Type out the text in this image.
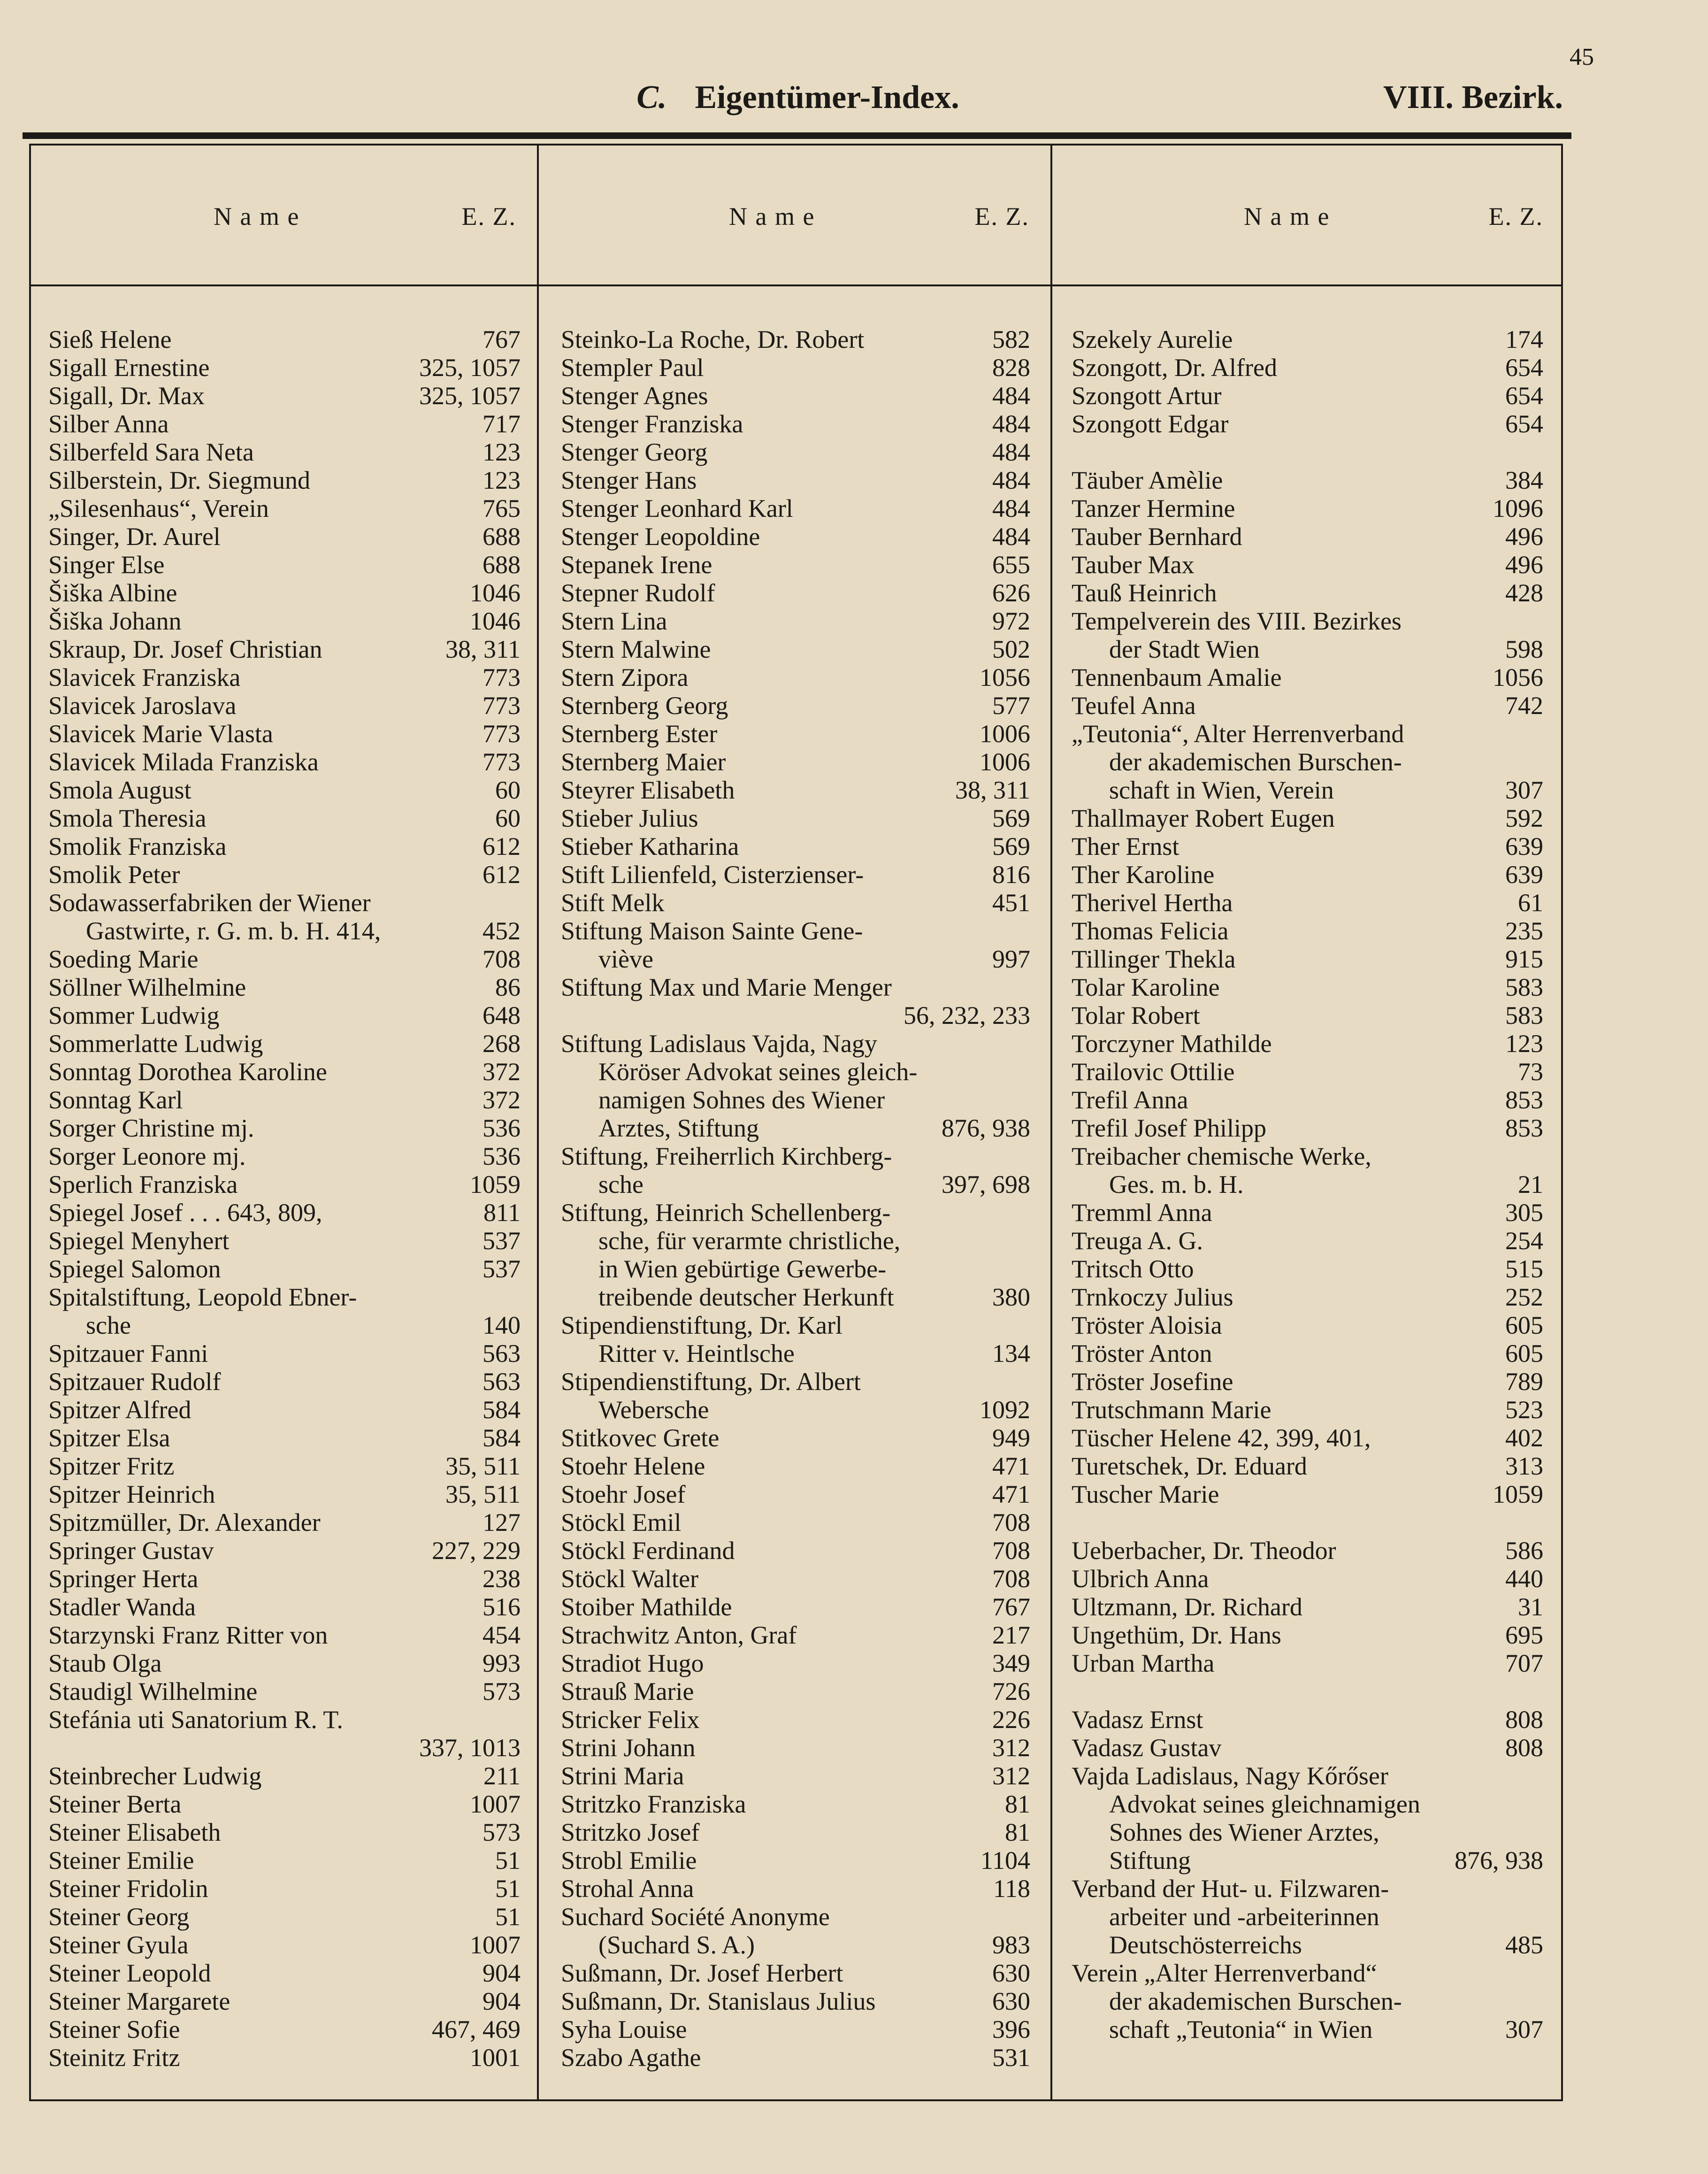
45
C. Eigentümer-Index.	VIII. Bezirk.
N a m e	E. Z.	N a m e	E. Z.	N a m e	E. Z.
Sieß Helene	767
Sigall Ernestine	325, 1057
Sigall, Dr. Max	325, 1057
Silber Anna	717
Silberfeld Sara Neta	123
Silberstein, Dr. Siegmund	123
„Silesenhaus“, Verein	765
Singer, Dr. Aurel	688
Singer Else	688
Šiška Albine	1046
Šiška Johann	1046
Skraup, Dr. Josef Christian	38, 311
Slavicek Franziska	773
Slavicek Jaroslava	773
Slavicek Marie Vlasta	773
Slavicek Milada Franziska	773
Smola August	60
Smola Theresia	60
Smolik Franziska	612
Smolik Peter	612
Sodawasserfabriken der Wiener
Gastwirte, r. G. m. b. H. 414,	452
Soeding Marie	708
Söllner Wilhelmine	86
Sommer Ludwig	648
Sommerlatte Ludwig	268
Sonntag Dorothea Karoline	372
Sonntag Karl	372
Sorger Christine mj.	536
Sorger Leonore mj.	536
Sperlich Franziska	1059
Spiegel Josef . . . 643, 809,	811
Spiegel Menyhert	537
Spiegel Salomon	537
Spitalstiftung, Leopold Ebner-
sche	140
Spitzauer Fanni	563
Spitzauer Rudolf	563
Spitzer Alfred	584
Spitzer Elsa	584
Spitzer Fritz	35, 511
Spitzer Heinrich	35, 511
Spitzmüller, Dr. Alexander	127
Springer Gustav	227, 229
Springer Herta	238
Stadler Wanda	516
Starzynski Franz Ritter von	454
Staub Olga	993
Staudigl Wilhelmine	573
Stefánia uti Sanatorium R. T.
337, 1013
Steinbrecher Ludwig	211
Steiner Berta	1007
Steiner Elisabeth	573
Steiner Emilie	51
Steiner Fridolin	51
Steiner Georg	51
Steiner Gyula	1007
Steiner Leopold	904
Steiner Margarete	904
Steiner Sofie	467, 469
Steinitz Fritz	1001
Steinko-La Roche, Dr. Robert	582
Stempler Paul	828
Stenger Agnes	484
Stenger Franziska	484
Stenger Georg	484
Stenger Hans	484
Stenger Leonhard Karl	484
Stenger Leopoldine	484
Stepanek Irene	655
Stepner Rudolf	626
Stern Lina	972
Stern Malwine	502
Stern Zipora	1056
Sternberg Georg	577
Sternberg Ester	1006
Sternberg Maier	1006
Steyrer Elisabeth	38, 311
Stieber Julius	569
Stieber Katharina	569
Stift Lilienfeld, Cisterzienser-	816
Stift Melk	451
Stiftung Maison Sainte Gene-
viève	997
Stiftung Max und Marie Menger
56, 232, 233
Stiftung Ladislaus Vajda, Nagy
Köröser Advokat seines gleich-
namigen Sohnes des Wiener
Arztes, Stiftung	876, 938
Stiftung, Freiherrlich Kirchberg-
sche	397, 698
Stiftung, Heinrich Schellenberg-
sche, für verarmte christliche,
in Wien gebürtige Gewerbe-
treibende deutscher Herkunft	380
Stipendienstiftung, Dr. Karl
Ritter v. Heintlsche	134
Stipendienstiftung, Dr. Albert
Webersche	1092
Stitkovec Grete	949
Stoehr Helene	471
Stoehr Josef	471
Stöckl Emil	708
Stöckl Ferdinand	708
Stöckl Walter	708
Stoiber Mathilde	767
Strachwitz Anton, Graf	217
Stradiot Hugo	349
Strauß Marie	726
Stricker Felix	226
Strini Johann	312
Strini Maria	312
Stritzko Franziska	81
Stritzko Josef	81
Strobl Emilie	1104
Strohal Anna	118
Suchard Société Anonyme
(Suchard S. A.)	983
Sußmann, Dr. Josef Herbert	630
Sußmann, Dr. Stanislaus Julius	630
Syha Louise	396
Szabo Agathe	531
Szekely Aurelie	174
Szongott, Dr. Alfred	654
Szongott Artur	654
Szongott Edgar	654
Täuber Amèlie	384
Tanzer Hermine	1096
Tauber Bernhard	496
Tauber Max	496
Tauß Heinrich	428
Tempelverein des VIII. Bezirkes
der Stadt Wien	598
Tennenbaum Amalie	1056
Teufel Anna	742
„Teutonia“, Alter Herrenverband
der akademischen Burschen-
schaft in Wien, Verein	307
Thallmayer Robert Eugen	592
Ther Ernst	639
Ther Karoline	639
Therivel Hertha	61
Thomas Felicia	235
Tillinger Thekla	915
Tolar Karoline	583
Tolar Robert	583
Torczyner Mathilde	123
Trailovic Ottilie	73
Trefil Anna	853
Trefil Josef Philipp	853
Treibacher chemische Werke,
Ges. m. b. H.	21
Tremml Anna	305
Treuga A. G.	254
Tritsch Otto	515
Trnkoczy Julius	252
Tröster Aloisia	605
Tröster Anton	605
Tröster Josefine	789
Trutschmann Marie	523
Tüscher Helene 42, 399, 401,	402
Turetschek, Dr. Eduard	313
Tuscher Marie	1059
Ueberbacher, Dr. Theodor	586
Ulbrich Anna	440
Ultzmann, Dr. Richard	31
Ungethüm, Dr. Hans	695
Urban Martha	707
Vadasz Ernst	808
Vadasz Gustav	808
Vajda Ladislaus, Nagy Kőrőser
Advokat seines gleichnamigen
Sohnes des Wiener Arztes,
Stiftung	876, 938
Verband der Hut- u. Filzwaren-
arbeiter und -arbeiterinnen
Deutschösterreichs	485
Verein „Alter Herrenverband“
der akademischen Burschen-
schaft „Teutonia“ in Wien	307
